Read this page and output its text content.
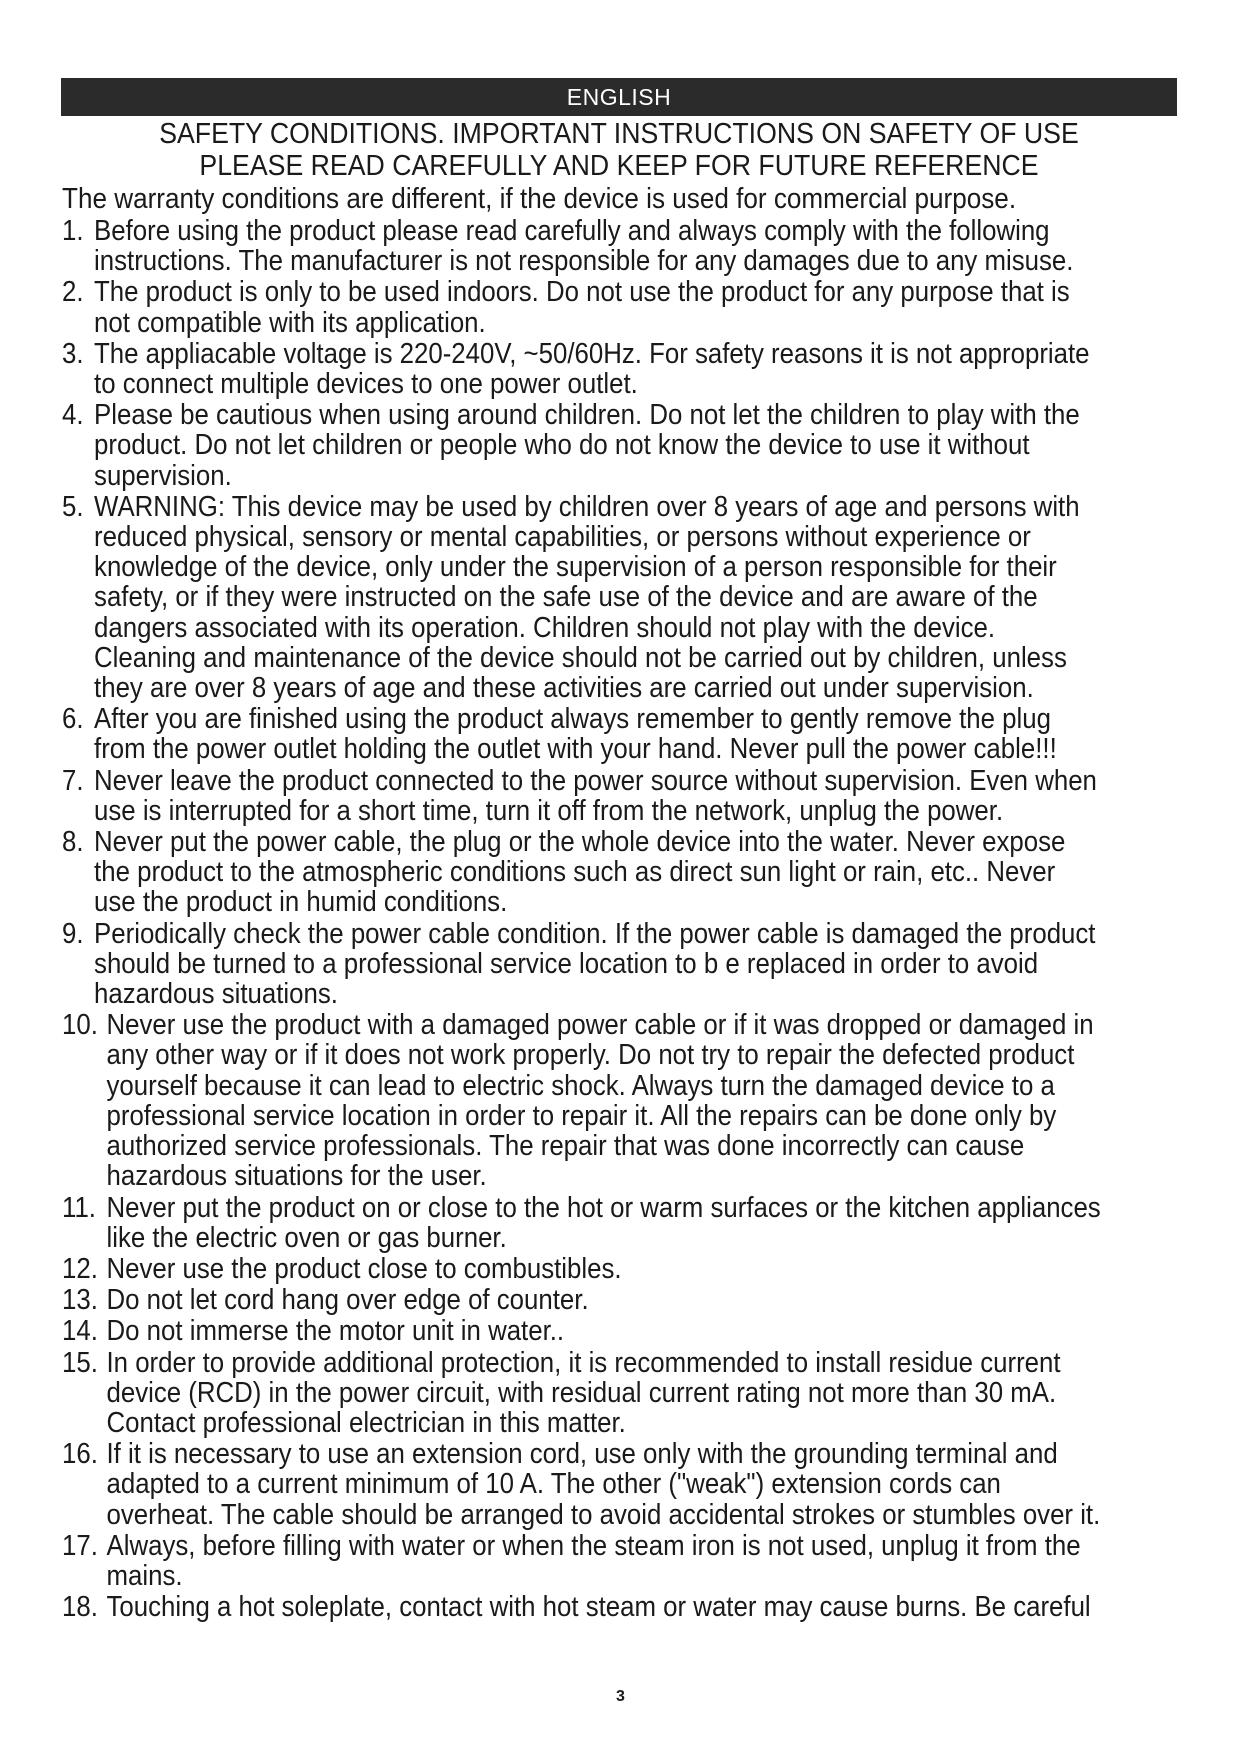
ENGLISH
SAFETY CONDITIONS. IMPORTANT INSTRUCTIONS ON SAFETY OF USE
PLEASE READ CAREFULLY AND KEEP FOR FUTURE REFERENCE
The warranty conditions are different, if the device is used for commercial purpose.
1. Before using the product please read carefully and always comply with the following instructions. The manufacturer is not responsible for any damages due to any misuse.
2. The product is only to be used indoors. Do not use the product for any purpose that is not compatible with its application.
3. The appliacable voltage is 220-240V, ~50/60Hz. For safety reasons it is not appropriate to connect multiple devices to one power outlet.
4. Please be cautious when using around children. Do not let the children to play with the product. Do not let children or people who do not know the device to use it without supervision.
5. WARNING: This device may be used by children over 8 years of age and persons with reduced physical, sensory or mental capabilities, or persons without experience or knowledge of the device, only under the supervision of a person responsible for their safety, or if they were instructed on the safe use of the device and are aware of the dangers associated with its operation. Children should not play with the device. Cleaning and maintenance of the device should not be carried out by children, unless they are over 8 years of age and these activities are carried out under supervision.
6. After you are finished using the product always remember to gently remove the plug from the power outlet holding the outlet with your hand. Never pull the power cable!!!
7. Never leave the product connected to the power source without supervision. Even when use is interrupted for a short time, turn it off from the network, unplug the power.
8. Never put the power cable, the plug or the whole device into the water. Never expose the product to the atmospheric conditions such as direct sun light or rain, etc.. Never use the product in humid conditions.
9. Periodically check the power cable condition. If the power cable is damaged the product should be turned to a professional service location to b e replaced in order to avoid hazardous situations.
10. Never use the product with a damaged power cable or if it was dropped or damaged in any other way or if it does not work properly. Do not try to repair the defected product yourself because it can lead to electric shock. Always turn the damaged device to a professional service location in order to repair it. All the repairs can be done only by authorized service professionals. The repair that was done incorrectly can cause hazardous situations for the user.
11. Never put the product on or close to the hot or warm surfaces or the kitchen appliances like the electric oven or gas burner.
12. Never use the product close to combustibles.
13. Do not let cord hang over edge of counter.
14. Do not immerse the motor unit in water..
15. In order to provide additional protection, it is recommended to install residue current device (RCD) in the power circuit, with residual current rating not more than 30 mA. Contact professional electrician in this matter.
16. If it is necessary to use an extension cord, use only with the grounding terminal and adapted to a current minimum of 10 A. The other ("weak") extension cords can overheat. The cable should be arranged to avoid accidental strokes or stumbles over it.
17. Always, before filling with water or when the steam iron is not used, unplug it from the mains.
18. Touching a hot soleplate, contact with hot steam or water may cause burns. Be careful
3
